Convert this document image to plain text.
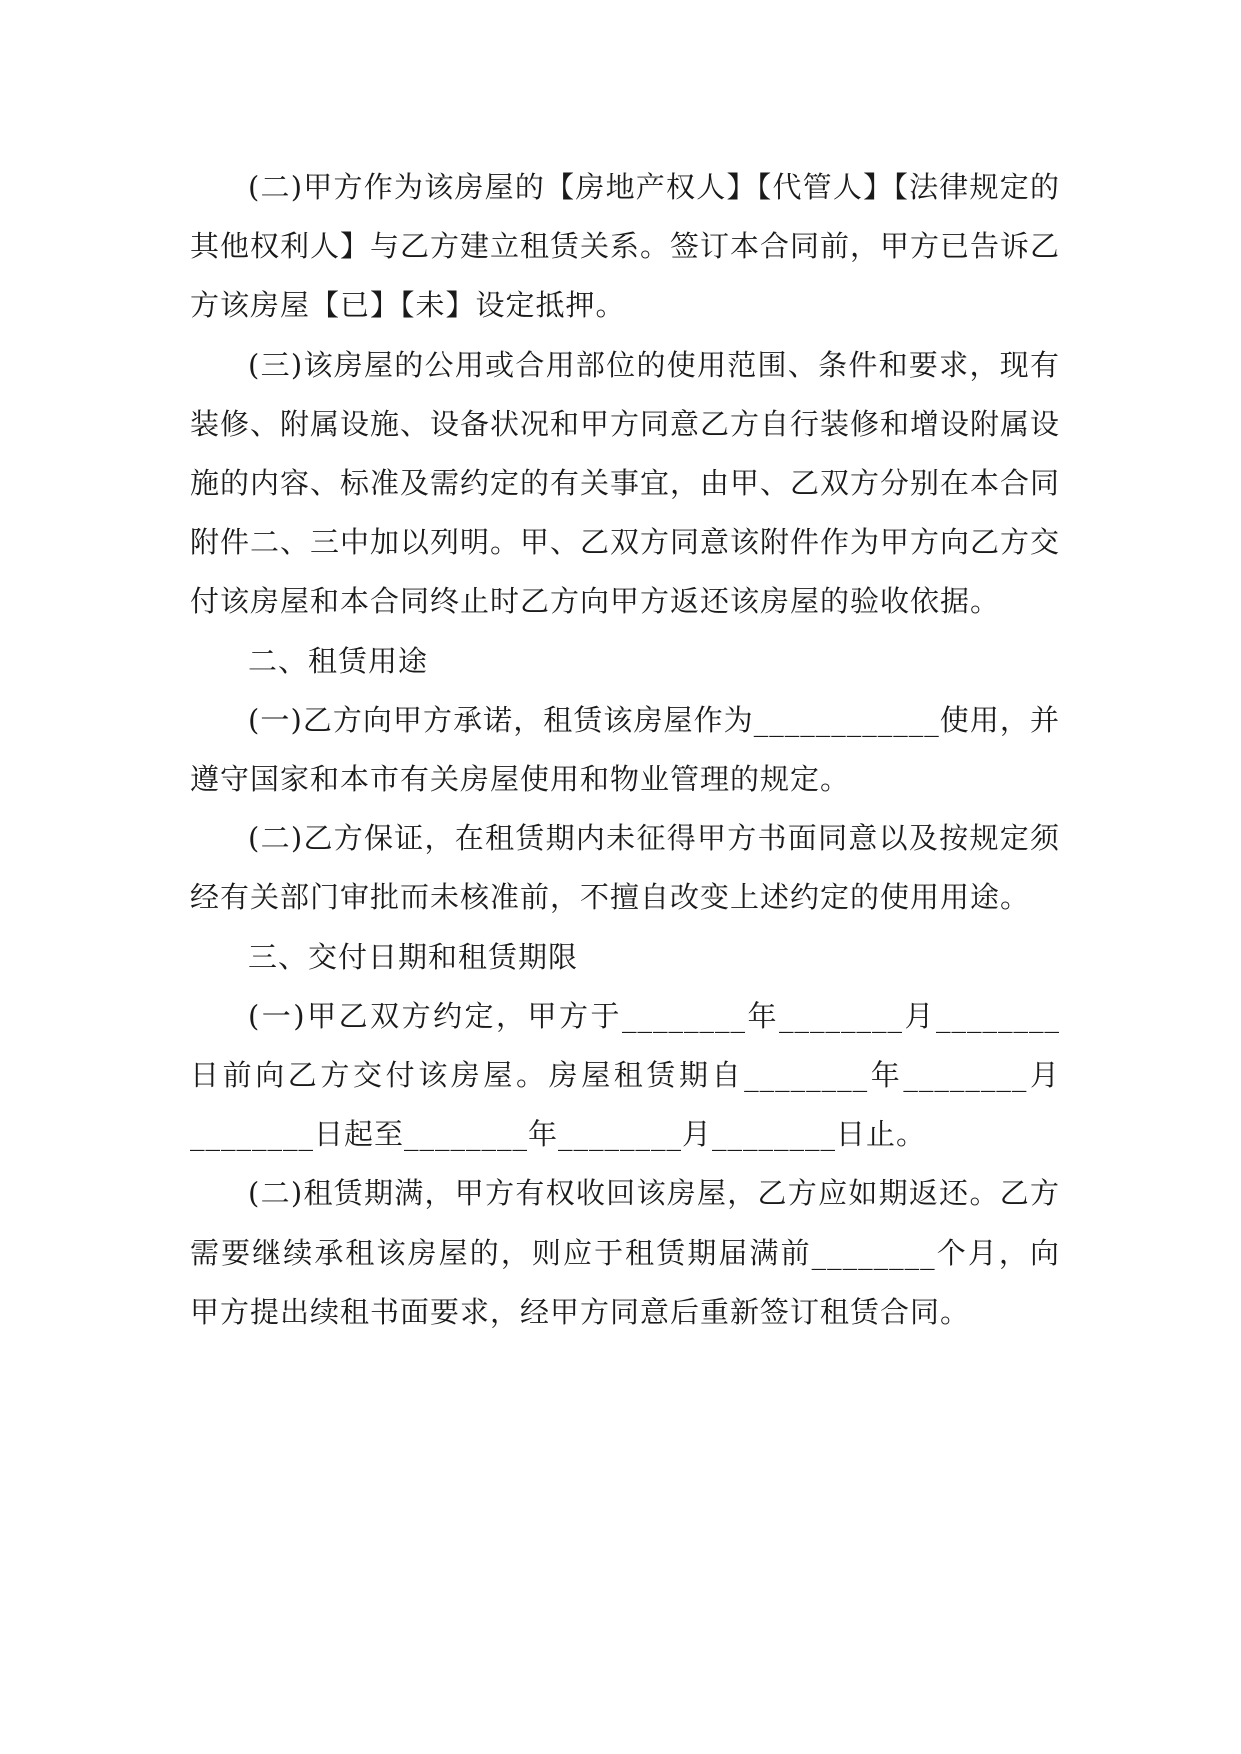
(二)甲方作为该房屋的【房地产权人】【代管人】【法律规定的其他权利人】与乙方建立租赁关系。签订本合同前，甲方已告诉乙方该房屋【已】【未】设定抵押。

(三)该房屋的公用或合用部位的使用范围、条件和要求，现有装修、附属设施、设备状况和甲方同意乙方自行装修和增设附属设施的内容、标准及需约定的有关事宜，由甲、乙双方分别在本合同附件二、三中加以列明。甲、乙双方同意该附件作为甲方向乙方交付该房屋和本合同终止时乙方向甲方返还该房屋的验收依据。

二、租赁用途

(一)乙方向甲方承诺，租赁该房屋作为____________使用，并遵守国家和本市有关房屋使用和物业管理的规定。

(二)乙方保证，在租赁期内未征得甲方书面同意以及按规定须经有关部门审批而未核准前，不擅自改变上述约定的使用用途。

三、交付日期和租赁期限

(一)甲乙双方约定，甲方于________年________月________日前向乙方交付该房屋。房屋租赁期自________年________月________日起至________年________月________日止。

(二)租赁期满，甲方有权收回该房屋，乙方应如期返还。乙方需要继续承租该房屋的，则应于租赁期届满前________个月，向甲方提出续租书面要求，经甲方同意后重新签订租赁合同。
